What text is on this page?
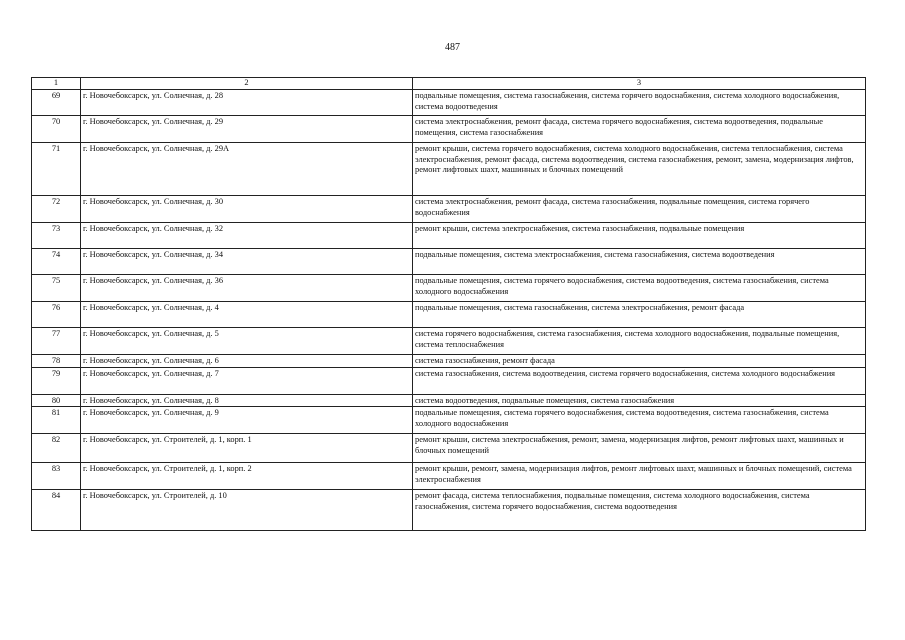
487
1	2	3
69	г. Новочебоксарск, ул. Солнечная, д. 28	подвальные помещения, система газоснабжения, система горячего водоснабжения, система холодного водоснабжения, система водоотведения
70	г. Новочебоксарск, ул. Солнечная, д. 29	система электроснабжения, ремонт фасада, система горячего водоснабжения, система водоотведения, подвальные помещения, система газоснабжения
71	г. Новочебоксарск, ул. Солнечная, д. 29А	ремонт крыши, система горячего водоснабжения, система холодного водоснабжения, система теплоснабжения, система электроснабжения, ремонт фасада, система водоотведения, система газоснабжения, ремонт, замена, модернизация лифтов, ремонт лифтовых шахт, машинных и блочных помещений
72	г. Новочебоксарск, ул. Солнечная, д. 30	система электроснабжения, ремонт фасада, система газоснабжения, подвальные помещения, система горячего водоснабжения
73	г. Новочебоксарск, ул. Солнечная, д. 32	ремонт крыши, система электроснабжения, система газоснабжения, подвальные помещения
74	г. Новочебоксарск, ул. Солнечная, д. 34	подвальные помещения, система электроснабжения, система газоснабжения, система водоотведения
75	г. Новочебоксарск, ул. Солнечная, д. 36	подвальные помещения, система горячего водоснабжения, система водоотведения, система газоснабжения, система холодного водоснабжения
76	г. Новочебоксарск, ул. Солнечная, д. 4	подвальные помещения, система газоснабжения, система электроснабжения, ремонт фасада
77	г. Новочебоксарск, ул. Солнечная, д. 5	система горячего водоснабжения, система газоснабжения, система холодного водоснабжения, подвальные помещения, система теплоснабжения
78	г. Новочебоксарск, ул. Солнечная, д. 6	система газоснабжения, ремонт фасада
79	г. Новочебоксарск, ул. Солнечная, д. 7	система газоснабжения, система водоотведения, система горячего водоснабжения, система холодного водоснабжения
80	г. Новочебоксарск, ул. Солнечная, д. 8	система водоотведения, подвальные помещения, система газоснабжения
81	г. Новочебоксарск, ул. Солнечная, д. 9	подвальные помещения, система горячего водоснабжения, система водоотведения, система газоснабжения, система холодного водоснабжения
82	г. Новочебоксарск, ул. Строителей, д. 1, корп. 1	ремонт крыши, система электроснабжения, ремонт, замена, модернизация лифтов, ремонт лифтовых шахт, машинных и блочных помещений
83	г. Новочебоксарск, ул. Строителей, д. 1, корп. 2	ремонт крыши, ремонт, замена, модернизация лифтов, ремонт лифтовых шахт, машинных и блочных помещений, система электроснабжения
84	г. Новочебоксарск, ул. Строителей, д. 10	ремонт фасада, система теплоснабжения, подвальные помещения, система холодного водоснабжения, система газоснабжения, система горячего водоснабжения, система водоотведения
